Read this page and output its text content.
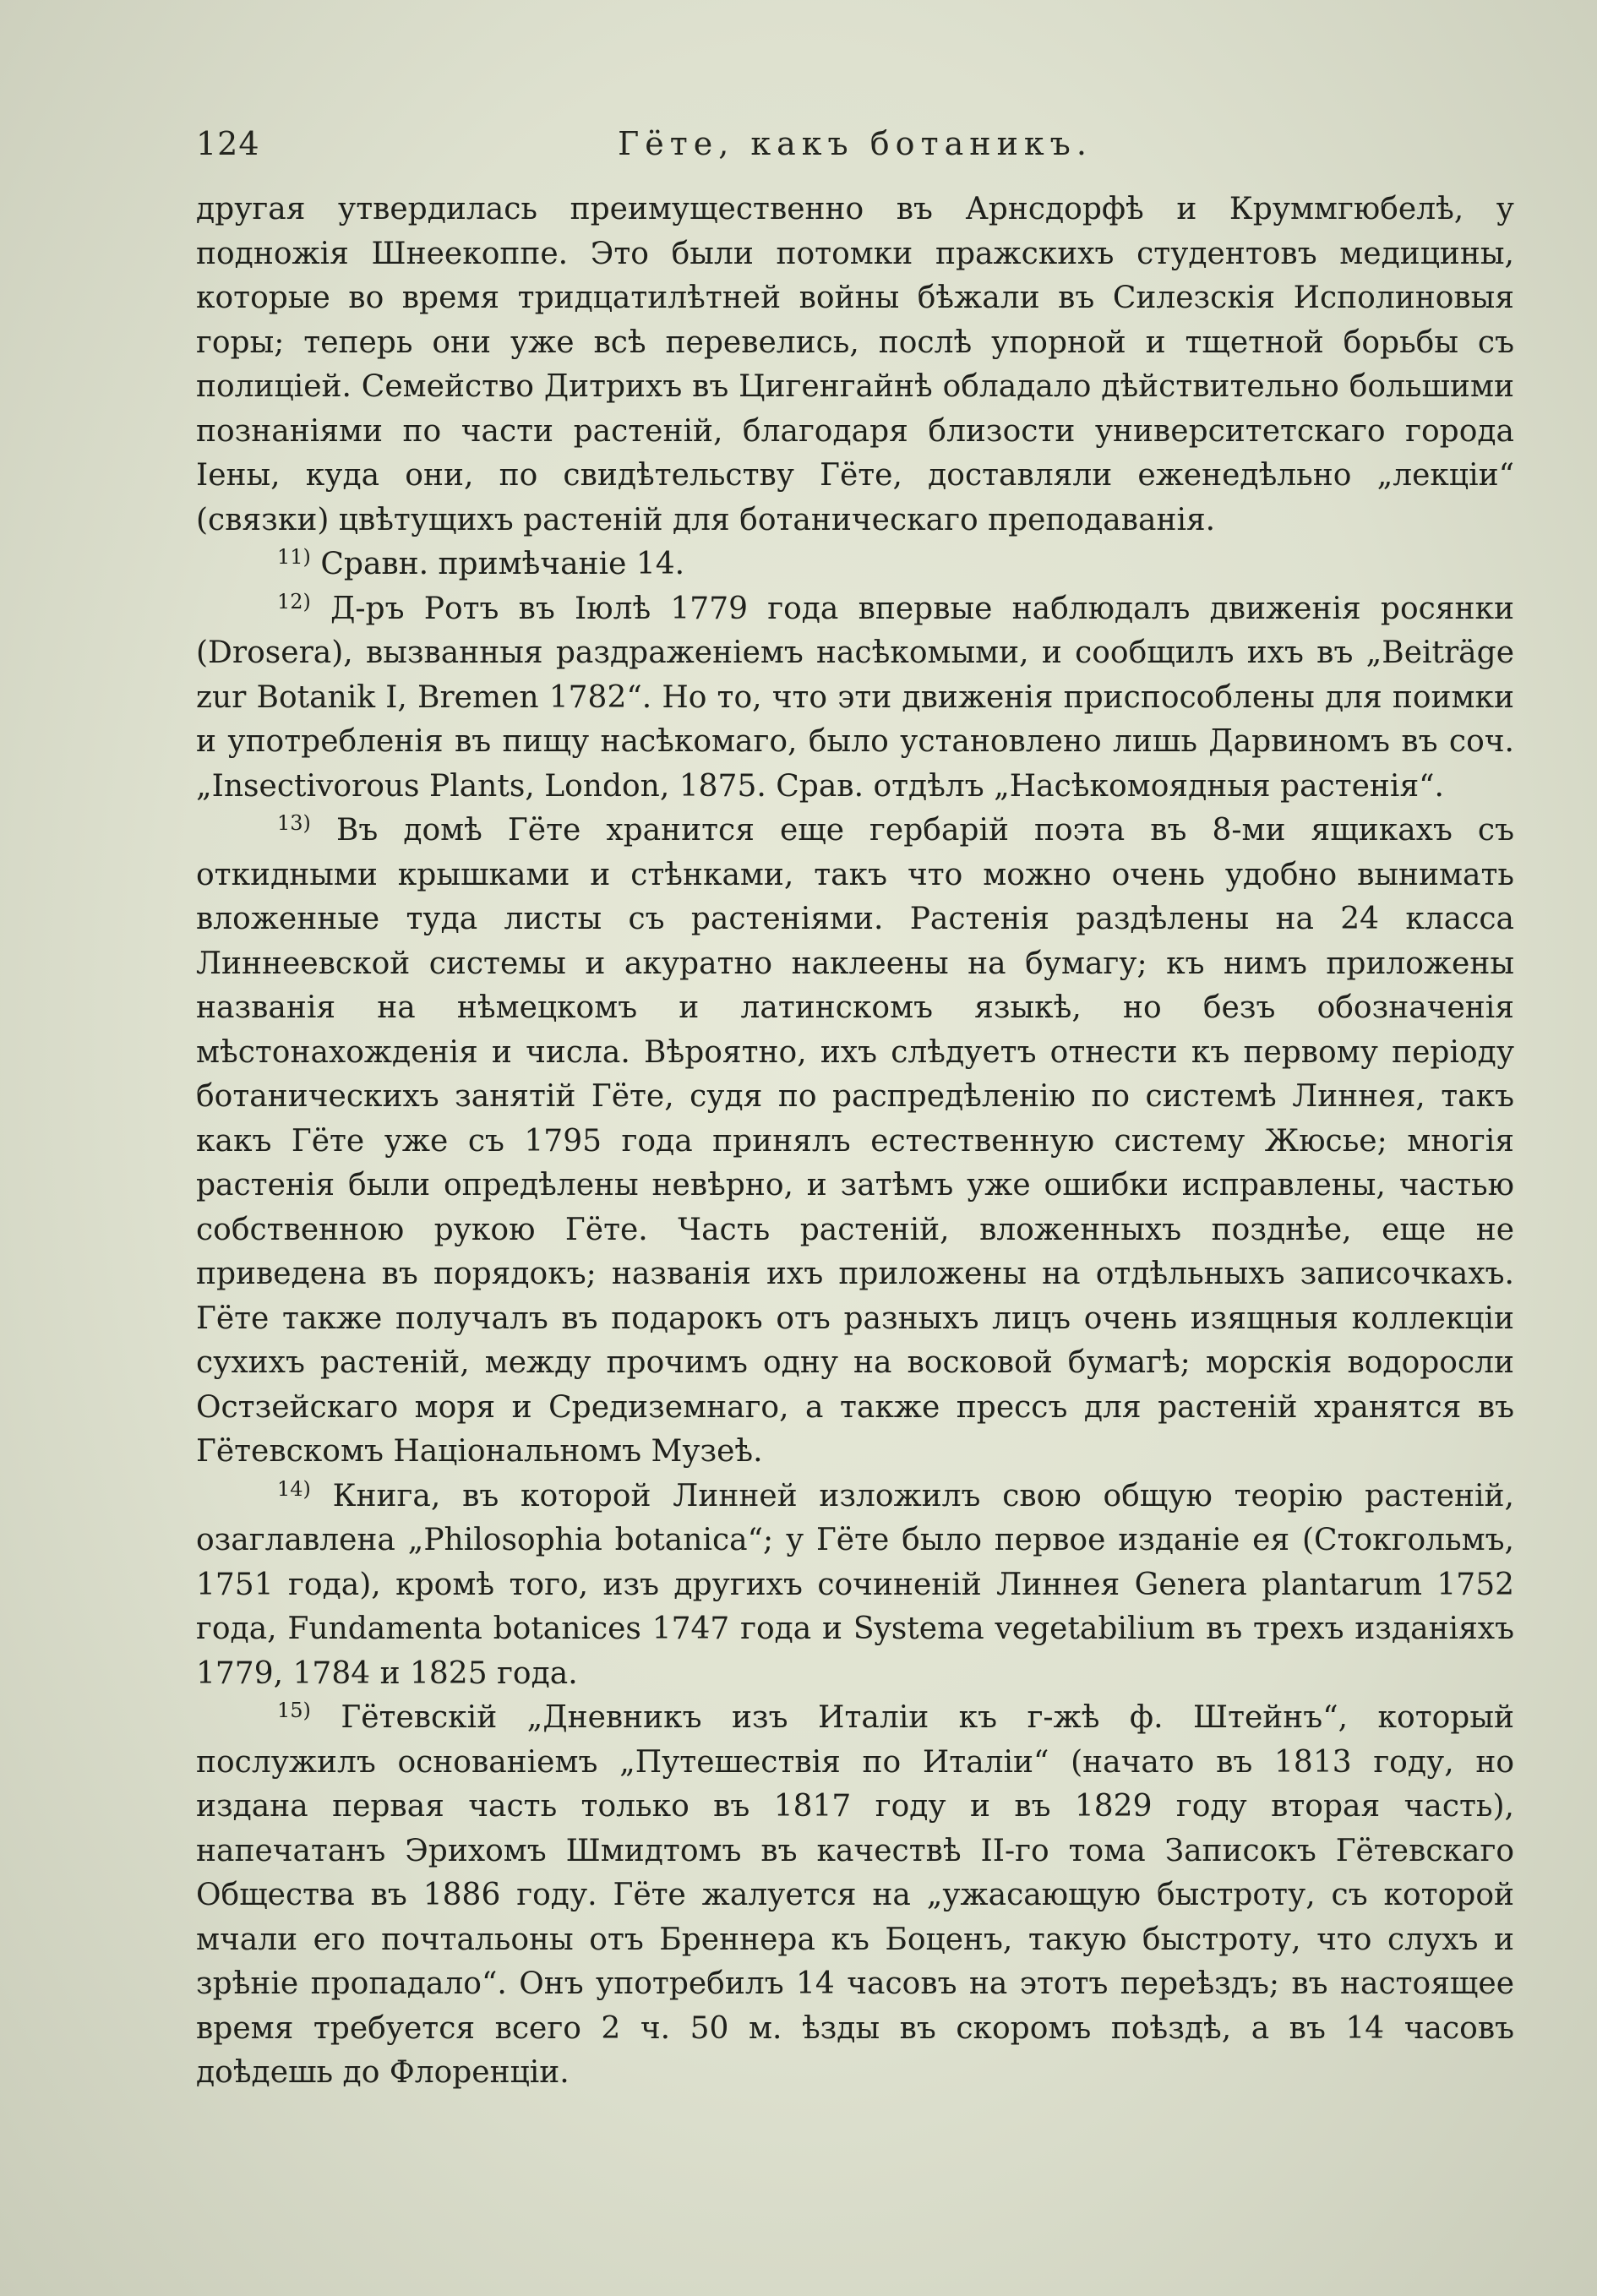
124	Гёте, какъ ботаникъ.

другая утвердилась преимущественно въ Арнсдорфѣ и Круммгюбелѣ, у подножія Шнеекоппе. Это были потомки пражскихъ студентовъ медицины, которые во время тридцатилѣтней войны бѣжали въ Силезскія Исполиновыя горы; теперь они уже всѣ перевелись, послѣ упорной и тщетной борьбы съ полиціей. Семейство Дитрихъ въ Цигенгайнѣ обладало дѣйствительно большими познаніями по части растеній, благодаря близости университетскаго города Іены, куда они, по свидѣтельству Гёте, доставляли еженедѣльно „лекціи“ (связки) цвѣтущихъ растеній для ботаническаго преподаванія.

$^{11)}$ Сравн. примѣчаніе 14.

$^{12)}$ Д-ръ Ротъ въ Іюлѣ 1779 года впервые наблюдалъ движенія росянки (Drosera), вызванныя раздраженіемъ насѣкомыми, и сообщилъ ихъ въ „Beiträge zur Botanik I, Bremen 1782“. Но то, что эти движенія приспособлены для поимки и употребленія въ пищу насѣкомаго, было установлено лишь Дарвиномъ въ соч. „Insectivorous Plants, London, 1875. Срав. отдѣлъ „Насѣкомоядныя растенія“.

$^{13)}$ Въ домѣ Гёте хранится еще гербарій поэта въ 8-ми ящикахъ съ откидными крышками и стѣнками, такъ что можно очень удобно вынимать вложенные туда листы съ растеніями. Растенія раздѣлены на 24 класса Линнеевской системы и акуратно наклеены на бумагу; къ нимъ приложены названія на нѣмецкомъ и латинскомъ языкѣ, но безъ обозначенія мѣстонахожденія и числа. Вѣроятно, ихъ слѣдуетъ отнести къ первому періоду ботаническихъ занятій Гёте, судя по распредѣленію по системѣ Линнея, такъ какъ Гёте уже съ 1795 года принялъ естественную систему Жюсье; многія растенія были опредѣлены невѣрно, и затѣмъ уже ошибки исправлены, частью собственною рукою Гёте. Часть растеній, вложенныхъ позднѣе, еще не приведена въ порядокъ; названія ихъ приложены на отдѣльныхъ записочкахъ. Гёте также получалъ въ подарокъ отъ разныхъ лицъ очень изящныя коллекціи сухихъ растеній, между прочимъ одну на восковой бумагѣ; морскія водоросли Остзейскаго моря и Средиземнаго, а также прессъ для растеній хранятся въ Гётевскомъ Національномъ Музеѣ.

$^{14)}$ Книга, въ которой Линней изложилъ свою общую теорію растеній, озаглавлена „Philosophia botanica“; у Гёте было первое изданіе ея (Стокгольмъ, 1751 года), кромѣ того, изъ другихъ сочиненій Линнея Genera plantarum 1752 года, Fundamenta botanices 1747 года и Systema vegetabilium въ трехъ изданіяхъ 1779, 1784 и 1825 года.

$^{15)}$ Гётевскій „Дневникъ изъ Италіи къ г-жѣ ф. Штейнъ“, который послужилъ основаніемъ „Путешествія по Италіи“ (начато въ 1813 году, но издана первая часть только въ 1817 году и въ 1829 году вторая часть), напечатанъ Эрихомъ Шмидтомъ въ качествѣ II-го тома Записокъ Гётевскаго Общества въ 1886 году. Гёте жалуется на „ужасающую быстроту, съ которой мчали его почтальоны отъ Бреннера къ Боценъ, такую быстроту, что слухъ и зрѣніе пропадало“. Онъ употребилъ 14 часовъ на этотъ переѣздъ; въ настоящее время требуется всего 2 ч. 50 м. ѣзды въ скоромъ поѣздѣ, а въ 14 часовъ доѣдешь до Флоренціи.
